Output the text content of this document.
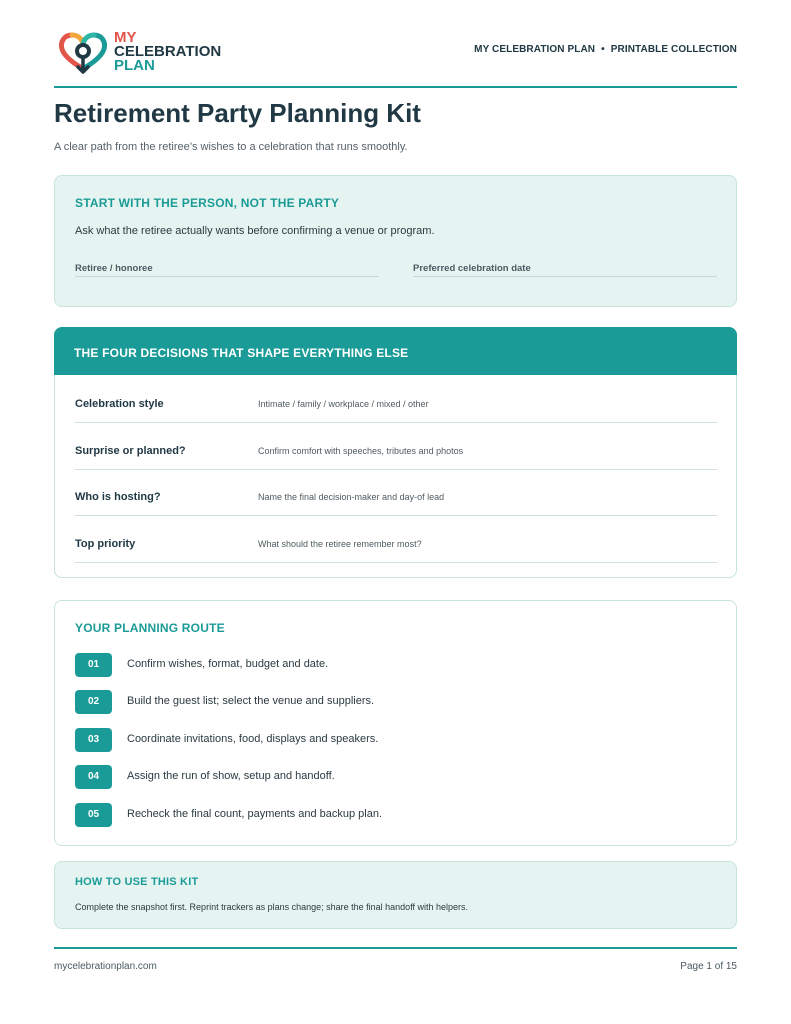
MY
CELEBRATION
PLAN
MY CELEBRATION PLAN • PRINTABLE COLLECTION
Retirement Party Planning Kit
A clear path from the retiree’s wishes to a celebration that runs smoothly.
START WITH THE PERSON, NOT THE PARTY
Ask what the retiree actually wants before confirming a venue or program.
Retiree / honoree	Preferred celebration date
THE FOUR DECISIONS THAT SHAPE EVERYTHING ELSE
Celebration style	Intimate / family / workplace / mixed / other
Surprise or planned?	Confirm comfort with speeches, tributes and photos
Who is hosting?	Name the final decision-maker and day-of lead
Top priority	What should the retiree remember most?
YOUR PLANNING ROUTE
01	Confirm wishes, format, budget and date.
02	Build the guest list; select the venue and suppliers.
03	Coordinate invitations, food, displays and speakers.
04	Assign the run of show, setup and handoff.
05	Recheck the final count, payments and backup plan.
HOW TO USE THIS KIT
Complete the snapshot first. Reprint trackers as plans change; share the final handoff with helpers.
mycelebrationplan.com	Page 1 of 15
